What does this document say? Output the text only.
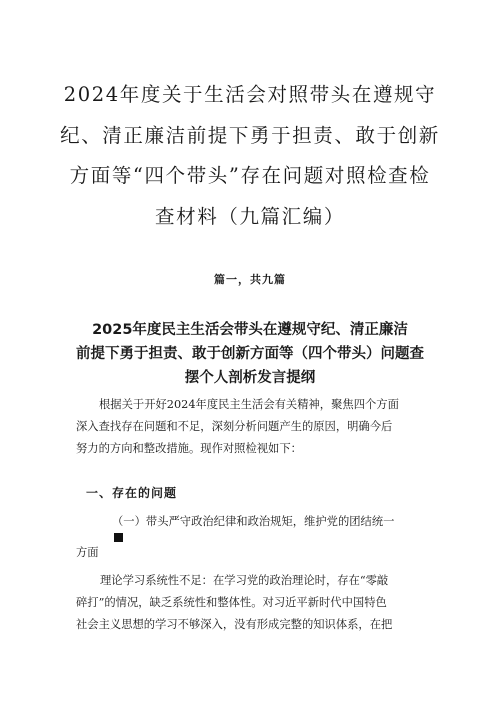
2024年度关于生活会对照带头在遵规守
纪、清正廉洁前提下勇于担责、敢于创新
方面等“四个带头”存在问题对照检查检
查材料（九篇汇编）
篇一，共九篇
2025年度民主生活会带头在遵规守纪、清正廉洁
前提下勇于担责、敢于创新方面等（四个带头）问题查
摆个人剖析发言提纲

根据关于开好2024年度民主生活会有关精神，聚焦四个方面
深入查找存在问题和不足，深刻分析问题产生的原因，明确今后
努力的方向和整改措施。现作对照检视如下：

一、存在的问题

（一）带头严守政治纪律和政治规矩，维护党的团结统一
方面

理论学习系统性不足：在学习党的政治理论时，存在“零敲
碎打”的情况，缺乏系统性和整体性。对习近平新时代中国特色
社会主义思想的学习不够深入，没有形成完整的知识体系，在把
